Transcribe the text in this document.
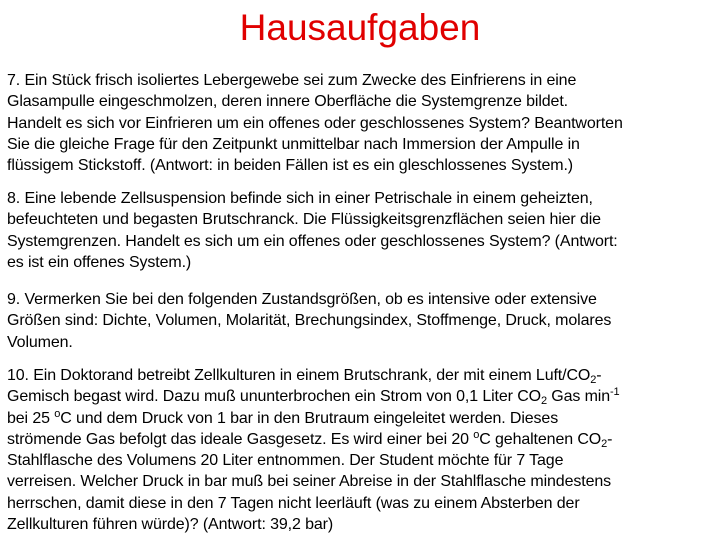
Hausaufgaben

7. Ein Stück frisch isoliertes Lebergewebe sei zum Zwecke des Einfrierens in eine
Glasampulle eingeschmolzen, deren innere Oberfläche die Systemgrenze bildet.
Handelt es sich vor Einfrieren um ein offenes oder geschlossenes System? Beantworten
Sie die gleiche Frage für den Zeitpunkt unmittelbar nach Immersion der Ampulle in
flüssigem Stickstoff. (Antwort: in beiden Fällen ist es ein gleschlossenes System.)

8. Eine lebende Zellsuspension befinde sich in einer Petrischale in einem geheizten,
befeuchteten und begasten Brutschranck. Die Flüssigkeitsgrenzflächen seien hier die
Systemgrenzen. Handelt es sich um ein offenes oder geschlossenes System? (Antwort:
es ist ein offenes System.)

9. Vermerken Sie bei den folgenden Zustandsgrößen, ob es intensive oder extensive
Größen sind: Dichte, Volumen, Molarität, Brechungsindex, Stoffmenge, Druck, molares
Volumen.

10. Ein Doktorand betreibt Zellkulturen in einem Brutschrank, der mit einem Luft/$CO_2-$
Gemisch begast wird. Dazu muß ununterbrochen ein Strom von 0,1 Liter $CO_2$ Gas $\min^{-1}$
bei 25 $^o$C und dem Druck von 1 bar in den Brutraum eingeleitet werden. Dieses
strömende Gas befolgt das ideale Gasgesetz. Es wird einer bei 20 $^o$C gehaltenen $CO_2-$
Stahlflasche des Volumens 20 Liter entnommen. Der Student möchte für 7 Tage
verreisen. Welcher Druck in bar muß bei seiner Abreise in der Stahlflasche mindestens
herrschen, damit diese in den 7 Tagen nicht leerläuft (was zu einem Absterben der
Zellkulturen führen würde)? (Antwort: 39,2 bar)
